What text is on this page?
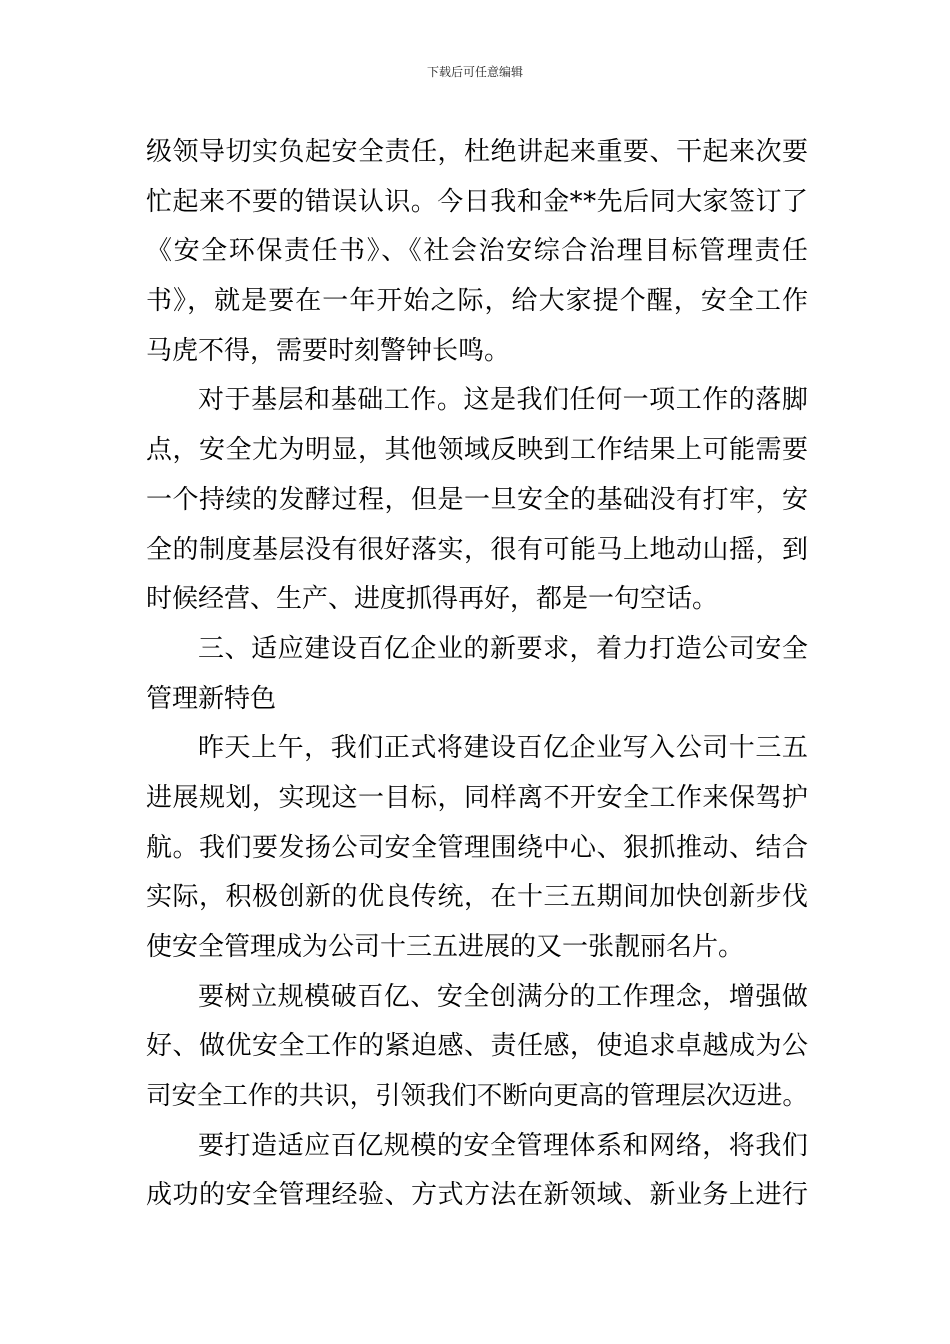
下载后可任意编辑
级领导切实负起安全责任，杜绝讲起来重要、干起来次要
忙起来不要的错误认识。今日我和金**先后同大家签订了
《安全环保责任书》、《社会治安综合治理目标管理责任
书》，就是要在一年开始之际，给大家提个醒，安全工作
马虎不得，需要时刻警钟长鸣。
对于基层和基础工作。这是我们任何一项工作的落脚
点，安全尤为明显，其他领域反映到工作结果上可能需要
一个持续的发酵过程，但是一旦安全的基础没有打牢，安
全的制度基层没有很好落实，很有可能马上地动山摇，到
时候经营、生产、进度抓得再好，都是一句空话。
三、适应建设百亿企业的新要求，着力打造公司安全
管理新特色
昨天上午，我们正式将建设百亿企业写入公司十三五
进展规划，实现这一目标，同样离不开安全工作来保驾护
航。我们要发扬公司安全管理围绕中心、狠抓推动、结合
实际，积极创新的优良传统，在十三五期间加快创新步伐
使安全管理成为公司十三五进展的又一张靓丽名片。
要树立规模破百亿、安全创满分的工作理念，增强做
好、做优安全工作的紧迫感、责任感，使追求卓越成为公
司安全工作的共识，引领我们不断向更高的管理层次迈进。
要打造适应百亿规模的安全管理体系和网络，将我们
成功的安全管理经验、方式方法在新领域、新业务上进行
